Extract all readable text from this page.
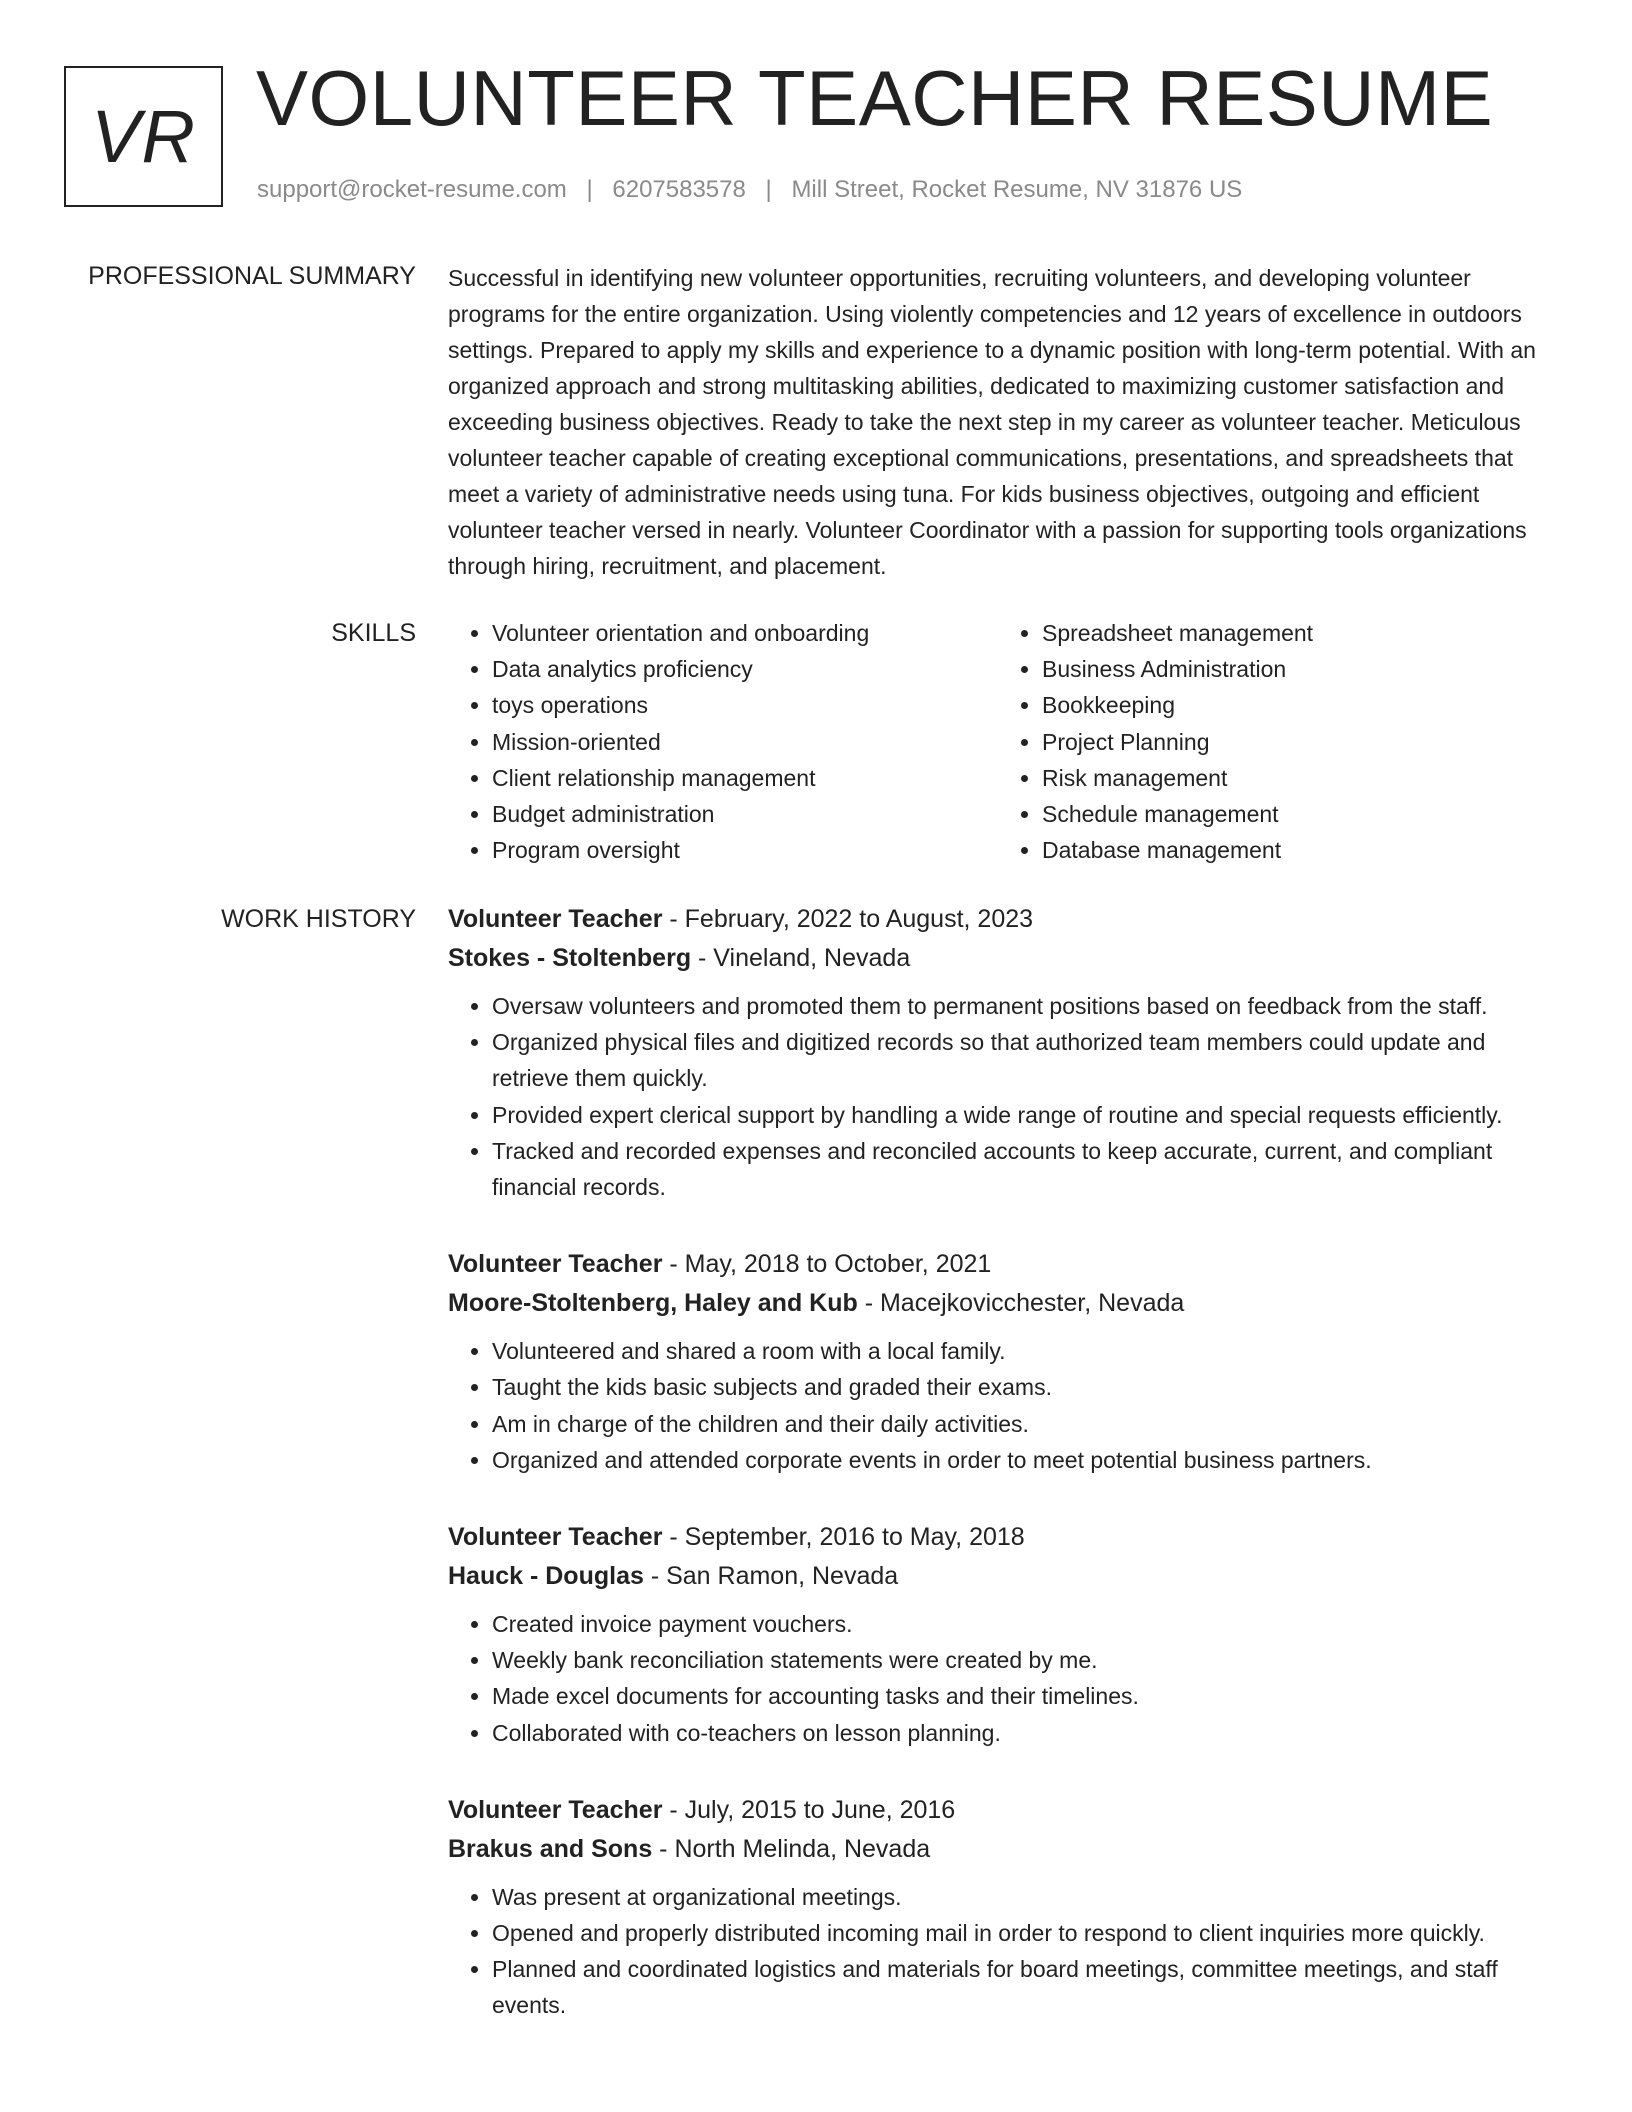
VR VOLUNTEER TEACHER RESUME
support@rocket-resume.com | 6207583578 | Mill Street, Rocket Resume, NV 31876 US
PROFESSIONAL SUMMARY Successful in identifying new volunteer opportunities, recruiting volunteers, and developing volunteer programs for the entire organization. Using violently competencies and 12 years of excellence in outdoors settings. Prepared to apply my skills and experience to a dynamic position with long-term potential. With an organized approach and strong multitasking abilities, dedicated to maximizing customer satisfaction and exceeding business objectives. Ready to take the next step in my career as volunteer teacher. Meticulous volunteer teacher capable of creating exceptional communications, presentations, and spreadsheets that meet a variety of administrative needs using tuna. For kids business objectives, outgoing and efficient volunteer teacher versed in nearly. Volunteer Coordinator with a passion for supporting tools organizations through hiring, recruitment, and placement.

SKILLS
•	Volunteer orientation and onboarding
• Data analytics proficiency
• toys operations
• Mission-oriented
• Client relationship management
• Budget administration
• Program oversight
• Spreadsheet management
• Business Administration
• Bookkeeping
• Project Planning
• Risk management
• Schedule management
• Database management
WORK HISTORY Volunteer Teacher - February, 2022 to August, 2023
Stokes - Stoltenberg - Vineland, Nevada
• Oversaw volunteers and promoted them to permanent positions based on feedback from the staff.
• Organized physical files and digitized records so that authorized team members could update and retrieve them quickly.
• Provided expert clerical support by handling a wide range of routine and special requests efficiently.
• Tracked and recorded expenses and reconciled accounts to keep accurate, current, and compliant financial records.
Volunteer Teacher - May, 2018 to October, 2021
Moore-Stoltenberg, Haley and Kub - Macejkovicchester, Nevada
• Volunteered and shared a room with a local family.
• Taught the kids basic subjects and graded their exams.
• Am in charge of the children and their daily activities.
• Organized and attended corporate events in order to meet potential business partners.
Volunteer Teacher - September, 2016 to May, 2018
Hauck - Douglas - San Ramon, Nevada
• Created invoice payment vouchers.
• Weekly bank reconciliation statements were created by me.
• Made excel documents for accounting tasks and their timelines.
• Collaborated with co-teachers on lesson planning.
Volunteer Teacher - July, 2015 to June, 2016
Brakus and Sons - North Melinda, Nevada
• Was present at organizational meetings.
• Opened and properly distributed incoming mail in order to respond to client inquiries more quickly.
• Planned and coordinated logistics and materials for board meetings, committee meetings, and staff events.
